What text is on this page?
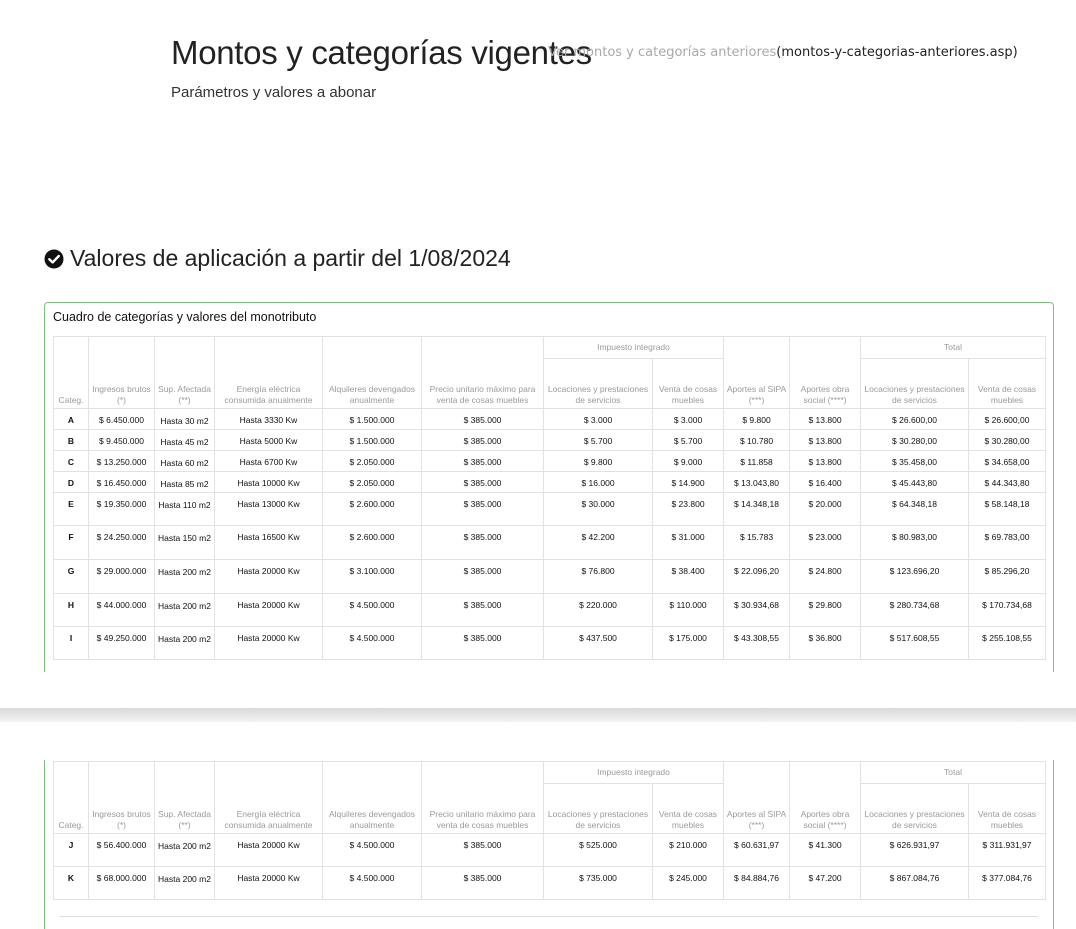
Montos y categorías vigentes
Ver montos y categorías anteriores(montos-y-categorias-anteriores.asp)

Parámetros y valores a abonar

Valores de aplicación a partir del 1/08/2024
Cuadro de categorías y valores del monotributo
Categ.	Ingresos brutos (*)	Sup. Afectada (**)	Energía eléctrica consumida anualmente	Alquileres devengados anualmente	Precio unitario máximo para venta de cosas muebles	Impuesto integrado		Aportes al SIPA (***)	Aportes obra social (****)	Total	
						Locaciones y prestaciones de servicios	Venta de cosas muebles			Locaciones y prestaciones de servicios	Venta de cosas muebles
A	$ 6.450.000	Hasta 30 m2	Hasta 3330 Kw	$ 1.500.000	$ 385.000	$ 3.000	$ 3.000	$ 9.800	$ 13.800	$ 26.600,00	$ 26.600,00
B	$ 9.450.000	Hasta 45 m2	Hasta 5000 Kw	$ 1.500.000	$ 385.000	$ 5.700	$ 5.700	$ 10.780	$ 13.800	$ 30.280,00	$ 30.280,00
C	$ 13.250.000	Hasta 60 m2	Hasta 6700 Kw	$ 2.050.000	$ 385.000	$ 9.800	$ 9.000	$ 11.858	$ 13.800	$ 35.458,00	$ 34.658,00
D	$ 16.450.000	Hasta 85 m2	Hasta 10000 Kw	$ 2.050.000	$ 385.000	$ 16.000	$ 14.900	$ 13.043,80	$ 16.400	$ 45.443,80	$ 44.343,80
E	$ 19.350.000	Hasta 110 m2	Hasta 13000 Kw	$ 2.600.000	$ 385.000	$ 30.000	$ 23.800	$ 14.348,18	$ 20.000	$ 64.348,18	$ 58.148,18
F	$ 24.250.000	Hasta 150 m2	Hasta 16500 Kw	$ 2.600.000	$ 385.000	$ 42.200	$ 31.000	$ 15.783	$ 23.000	$ 80.983,00	$ 69.783,00
G	$ 29.000.000	Hasta 200 m2	Hasta 20000 Kw	$ 3.100.000	$ 385.000	$ 76.800	$ 38.400	$ 22.096,20	$ 24.800	$ 123.696,20	$ 85.296,20
H	$ 44.000.000	Hasta 200 m2	Hasta 20000 Kw	$ 4.500.000	$ 385.000	$ 220.000	$ 110.000	$ 30.934,68	$ 29.800	$ 280.734,68	$ 170.734,68
I	$ 49.250.000	Hasta 200 m2	Hasta 20000 Kw	$ 4.500.000	$ 385.000	$ 437.500	$ 175.000	$ 43.308,55	$ 36.800	$ 517.608,55	$ 255.108,55
Categ.	Ingresos brutos (*)	Sup. Afectada (**)	Energía eléctrica consumida anualmente	Alquileres devengados anualmente	Precio unitario máximo para venta de cosas muebles	Impuesto integrado		Aportes al SIPA (***)	Aportes obra social (****)	Total	
						Locaciones y prestaciones de servicios	Venta de cosas muebles			Locaciones y prestaciones de servicios	Venta de cosas muebles
J	$ 56.400.000	Hasta 200 m2	Hasta 20000 Kw	$ 4.500.000	$ 385.000	$ 525.000	$ 210.000	$ 60.631,97	$ 41.300	$ 626.931,97	$ 311.931,97
K	$ 68.000.000	Hasta 200 m2	Hasta 20000 Kw	$ 4.500.000	$ 385.000	$ 735.000	$ 245.000	$ 84.884,76	$ 47.200	$ 867.084,76	$ 377.084,76
